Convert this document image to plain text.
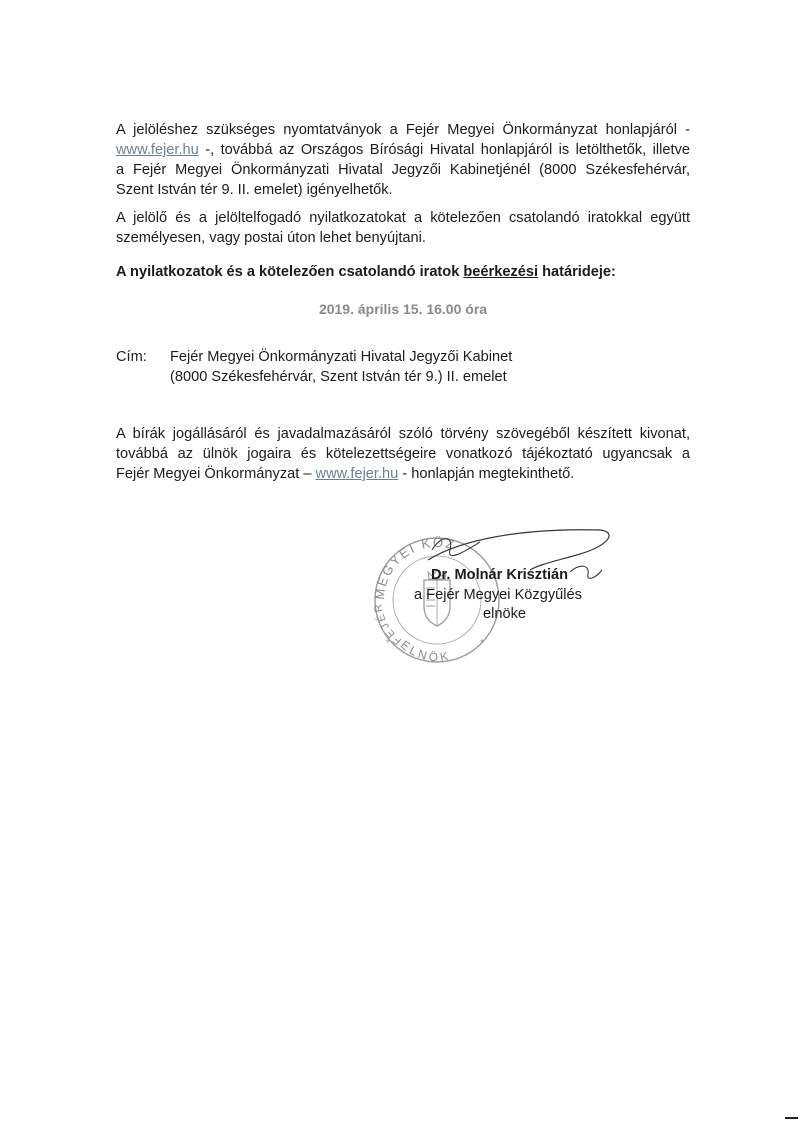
A jelöléshez szükséges nyomtatványok a Fejér Megyei Önkormányzat honlapjáról -
www.fejer.hu -, továbbá az Országos Bírósági Hivatal honlapjáról is letölthetők, illetve
a Fejér Megyei Önkormányzati Hivatal Jegyzői Kabinetjénél (8000 Székesfehérvár,
Szent István tér 9. II. emelet) igényelhetők.
A jelölő és a jelöltelfogadó nyilatkozatokat a kötelezően csatolandó iratokkal együtt
személyesen, vagy postai úton lehet benyújtani.
A nyilatkozatok és a kötelezően csatolandó iratok beérkezési határideje:
2019. április 15. 16.00 óra
Cím: Fejér Megyei Önkormányzati Hivatal Jegyzői Kabinet
(8000 Székesfehérvár, Szent István tér 9.) II. emelet
A bírák jogállásáról és javadalmazásáról szóló törvény szövegéből készített kivonat,
továbbá az ülnök jogaira és kötelezettségeire vonatkozó tájékoztató ugyancsak a
Fejér Megyei Önkormányzat – www.fejer.hu - honlapján megtekinthető.
MEGYEI KÖZ
FEJÉR
ELNÖK
*	*
Dr. Molnár Krisztián
a Fejér Megyei Közgyűlés
elnöke
